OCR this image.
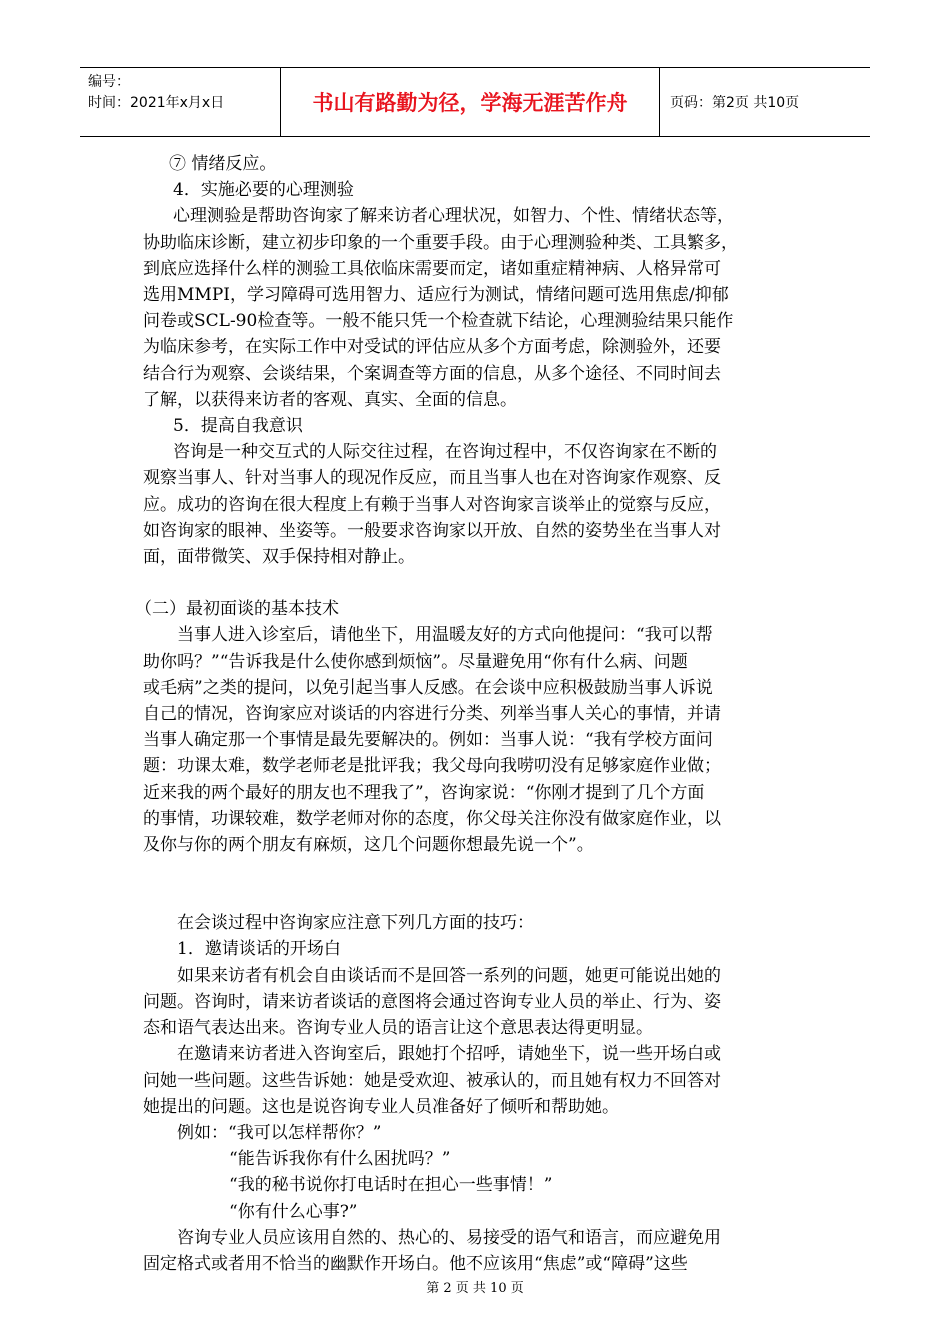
编号：
时间：2021年x月x日	书山有路勤为径，学海无涯苦作舟	页码：第2页 共10页

⑦ 情绪反应。

4．实施必要的心理测验

心理测验是帮助咨询家了解来访者心理状况，如智力、个性、情绪状态等，

协助临床诊断，建立初步印象的一个重要手段。由于心理测验种类、工具繁多，

到底应选择什么样的测验工具依临床需要而定，诸如重症精神病、人格异常可

选用MMPI，学习障碍可选用智力、适应行为测试，情绪问题可选用焦虑/抑郁

问卷或SCL-90检查等。一般不能只凭一个检查就下结论，心理测验结果只能作

为临床参考，在实际工作中对受试的评估应从多个方面考虑，除测验外，还要

结合行为观察、会谈结果，个案调查等方面的信息，从多个途径、不同时间去

了解，以获得来访者的客观、真实、全面的信息。

5．提高自我意识

咨询是一种交互式的人际交往过程，在咨询过程中，不仅咨询家在不断的

观察当事人、针对当事人的现况作反应，而且当事人也在对咨询家作观察、反

应。成功的咨询在很大程度上有赖于当事人对咨询家言谈举止的觉察与反应，

如咨询家的眼神、坐姿等。一般要求咨询家以开放、自然的姿势坐在当事人对

面，面带微笑、双手保持相对静止。

（二）最初面谈的基本技术

当事人进入诊室后，请他坐下，用温暖友好的方式向他提问：“我可以帮

助你吗？”“告诉我是什么使你感到烦恼”。尽量避免用“你有什么病、问题

或毛病”之类的提问，以免引起当事人反感。在会谈中应积极鼓励当事人诉说

自己的情况，咨询家应对谈话的内容进行分类、列举当事人关心的事情，并请

当事人确定那一个事情是最先要解决的。例如：当事人说：“我有学校方面问

题：功课太难，数学老师老是批评我；我父母向我唠叨没有足够家庭作业做；

近来我的两个最好的朋友也不理我了”，咨询家说：“你刚才提到了几个方面

的事情，功课较难，数学老师对你的态度，你父母关注你没有做家庭作业，以

及你与你的两个朋友有麻烦，这几个问题你想最先说一个”。

在会谈过程中咨询家应注意下列几方面的技巧：

1．邀请谈话的开场白

如果来访者有机会自由谈话而不是回答一系列的问题，她更可能说出她的

问题。咨询时，请来访者谈话的意图将会通过咨询专业人员的举止、行为、姿

态和语气表达出来。咨询专业人员的语言让这个意思表达得更明显。

在邀请来访者进入咨询室后，跟她打个招呼，请她坐下，说一些开场白或

问她一些问题。这些告诉她：她是受欢迎、被承认的，而且她有权力不回答对

她提出的问题。这也是说咨询专业人员准备好了倾听和帮助她。

例如：“我可以怎样帮你？”

“能告诉我你有什么困扰吗？”

“我的秘书说你打电话时在担心一些事情！”

“你有什么心事?”

咨询专业人员应该用自然的、热心的、易接受的语气和语言，而应避免用

固定格式或者用不恰当的幽默作开场白。他不应该用“焦虑”或“障碍”这些

第 2 页 共 10 页
